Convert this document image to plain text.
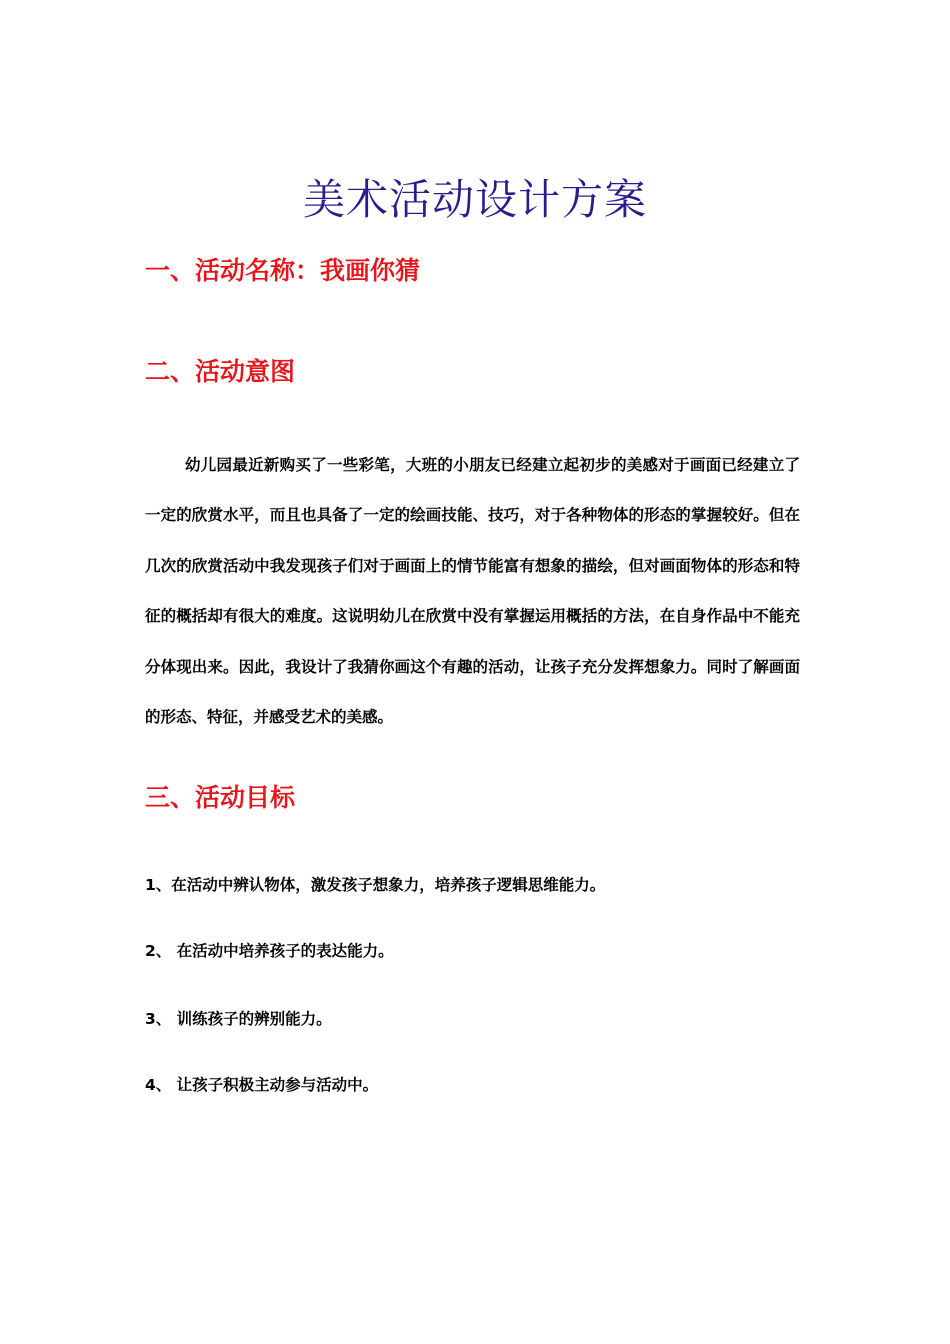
美术活动设计方案
一、活动名称：我画你猜
二、活动意图

幼儿园最近新购买了一些彩笔，大班的小朋友已经建立起初步的美感对于画面已经建立了一定的欣赏水平，而且也具备了一定的绘画技能、技巧，对于各种物体的形态的掌握较好。但在几次的欣赏活动中我发现孩子们对于画面上的情节能富有想象的描绘，但对画面物体的形态和特征的概括却有很大的难度。这说明幼儿在欣赏中没有掌握运用概括的方法，在自身作品中不能充分体现出来。因此，我设计了我猜你画这个有趣的活动，让孩子充分发挥想象力。同时了解画面的形态、特征，并感受艺术的美感。

三、活动目标
1、在活动中辨认物体，激发孩子想象力，培养孩子逻辑思维能力。
2、 在活动中培养孩子的表达能力。
3、 训练孩子的辨别能力。
4、 让孩子积极主动参与活动中。
